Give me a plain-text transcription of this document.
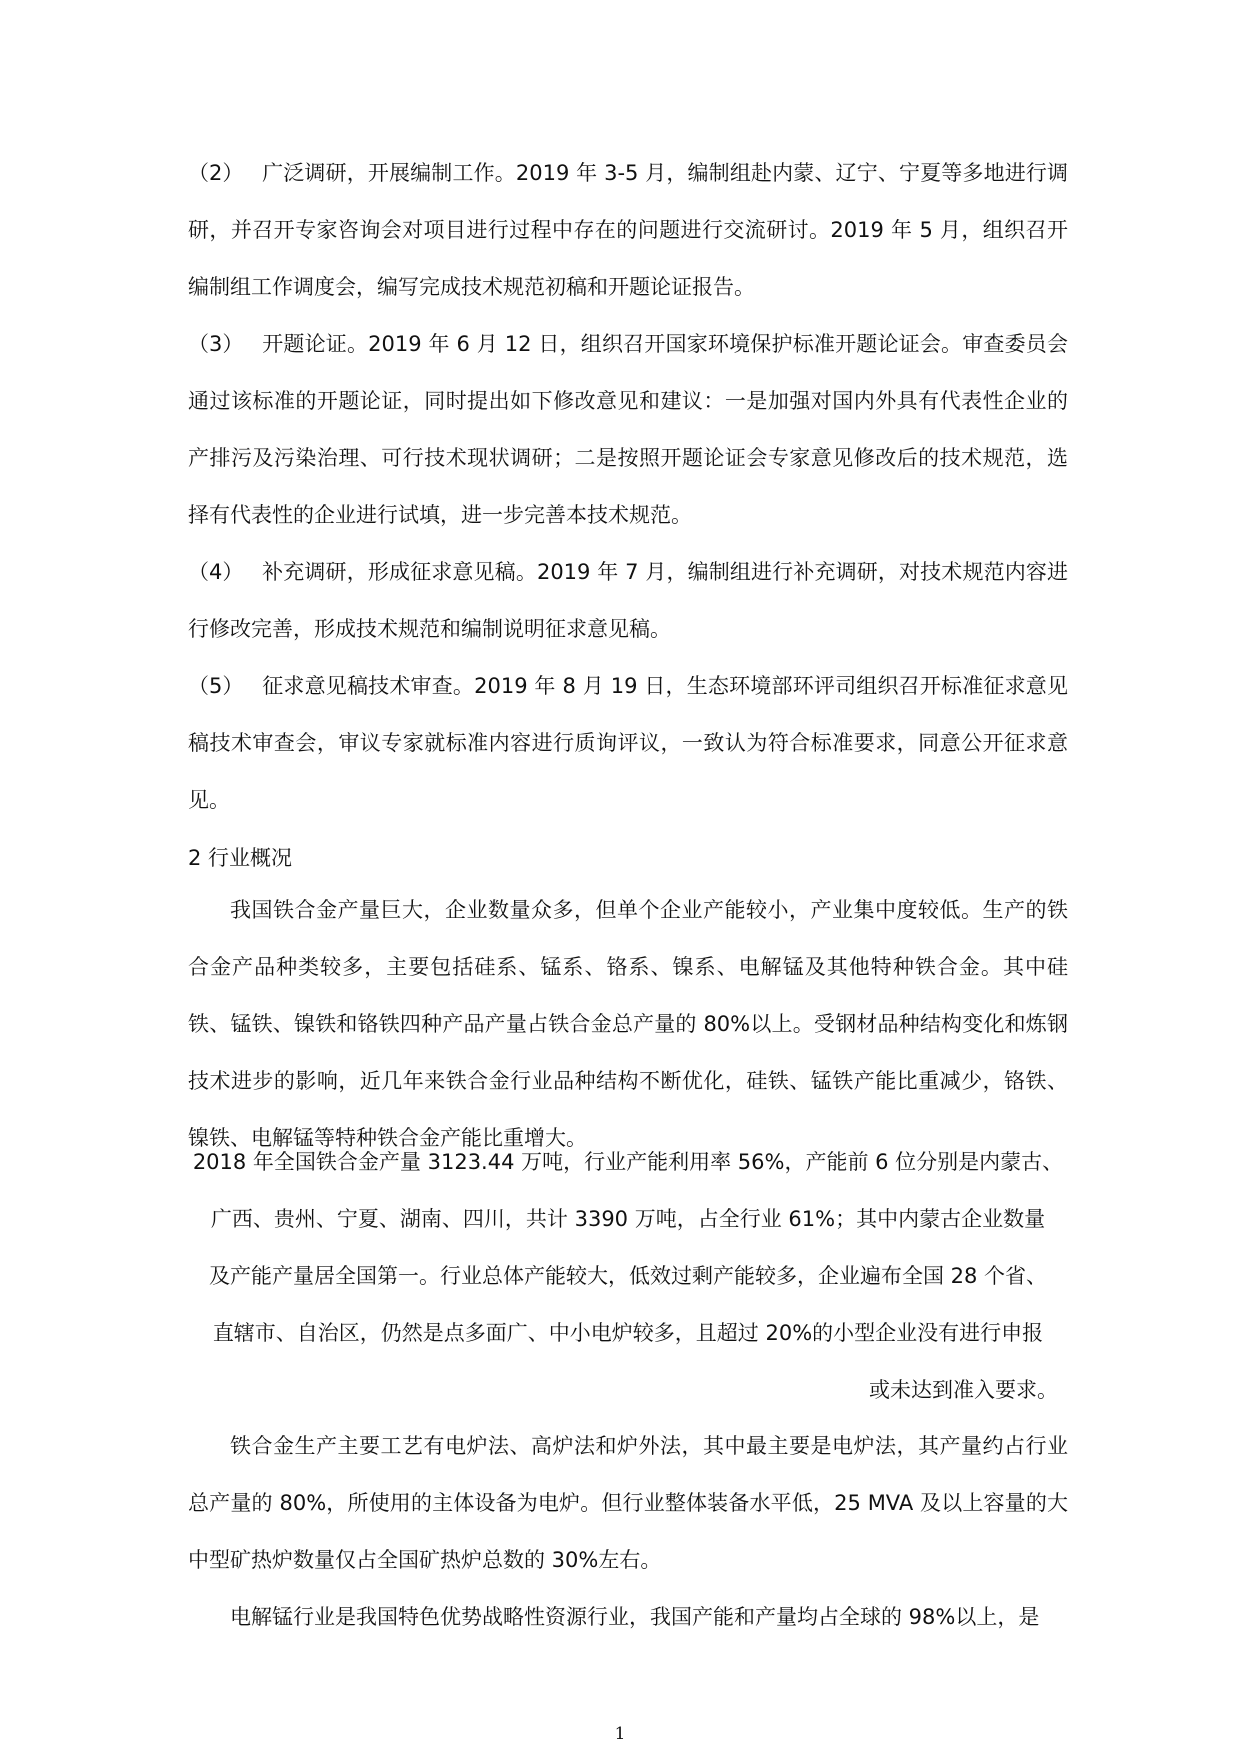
（2） 广泛调研，开展编制工作。2019 年 3-5 月，编制组赴内蒙、辽宁、宁夏等多地进行调研，并召开专家咨询会对项目进行过程中存在的问题进行交流研讨。2019 年 5 月，组织召开编制组工作调度会，编写完成技术规范初稿和开题论证报告。

（3） 开题论证。2019 年 6 月 12 日，组织召开国家环境保护标准开题论证会。审查委员会通过该标准的开题论证，同时提出如下修改意见和建议：一是加强对国内外具有代表性企业的产排污及污染治理、可行技术现状调研；二是按照开题论证会专家意见修改后的技术规范，选择有代表性的企业进行试填，进一步完善本技术规范。

（4） 补充调研，形成征求意见稿。2019 年 7 月，编制组进行补充调研，对技术规范内容进行修改完善，形成技术规范和编制说明征求意见稿。

（5） 征求意见稿技术审查。2019 年 8 月 19 日，生态环境部环评司组织召开标准征求意见稿技术审查会，审议专家就标准内容进行质询评议，一致认为符合标准要求，同意公开征求意见。

2 行业概况

我国铁合金产量巨大，企业数量众多，但单个企业产能较小，产业集中度较低。生产的铁合金产品种类较多，主要包括硅系、锰系、铬系、镍系、电解锰及其他特种铁合金。其中硅铁、锰铁、镍铁和铬铁四种产品产量占铁合金总产量的 80%以上。受钢材品种结构变化和炼钢技术进步的影响，近几年来铁合金行业品种结构不断优化，硅铁、锰铁产能比重减少，铬铁、镍铁、电解锰等特种铁合金产能比重增大。

2018 年全国铁合金产量 3123.44 万吨，行业产能利用率 56%，产能前 6 位分别是内蒙古、
广西、贵州、宁夏、湖南、四川，共计 3390 万吨，占全行业 61%；其中内蒙古企业数量
及产能产量居全国第一。行业总体产能较大，低效过剩产能较多，企业遍布全国 28 个省、
直辖市、自治区，仍然是点多面广、中小电炉较多，且超过 20%的小型企业没有进行申报
或未达到准入要求。

铁合金生产主要工艺有电炉法、高炉法和炉外法，其中最主要是电炉法，其产量约占行业总产量的 80%，所使用的主体设备为电炉。但行业整体装备水平低，25 MVA 及以上容量的大中型矿热炉数量仅占全国矿热炉总数的 30%左右。

电解锰行业是我国特色优势战略性资源行业，我国产能和产量均占全球的 98%以上，是

1
